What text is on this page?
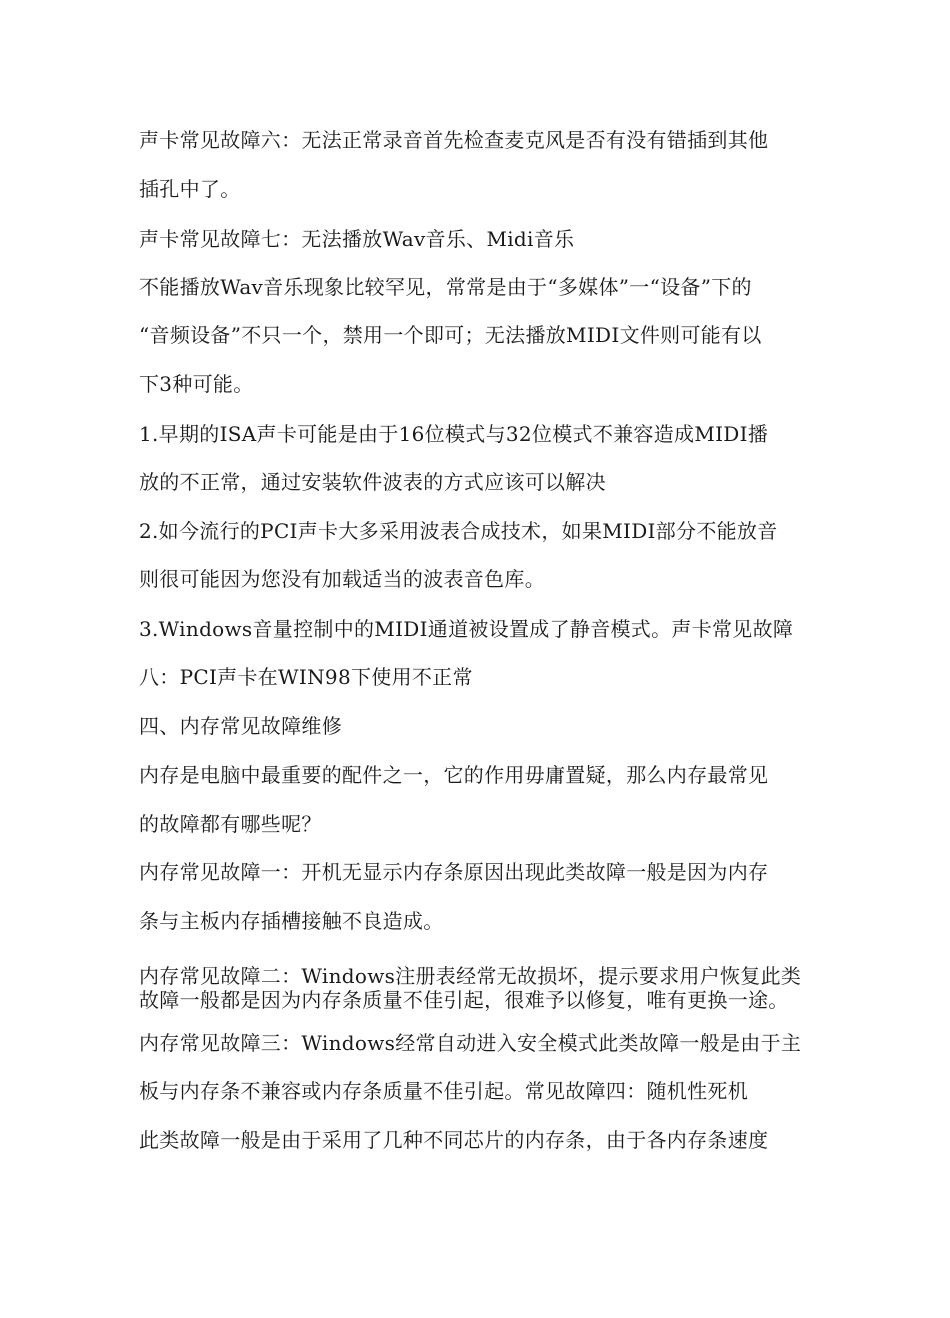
声卡常见故障六：无法正常录音首先检查麦克风是否有没有错插到其他
插孔中了。
声卡常见故障七：无法播放Wav音乐、Midi音乐
不能播放Wav音乐现象比较罕见，常常是由于“多媒体”一“设备”下的
“音频设备”不只一个，禁用一个即可；无法播放MIDI文件则可能有以
下3种可能。
1.早期的ISA声卡可能是由于16位模式与32位模式不兼容造成MIDI播
放的不正常，通过安装软件波表的方式应该可以解决
2.如今流行的PCI声卡大多采用波表合成技术，如果MIDI部分不能放音
则很可能因为您没有加载适当的波表音色库。
3.Windows音量控制中的MIDI通道被设置成了静音模式。声卡常见故障
八：PCI声卡在WIN98下使用不正常
四、内存常见故障维修
内存是电脑中最重要的配件之一，它的作用毋庸置疑，那么内存最常见
的故障都有哪些呢？
内存常见故障一：开机无显示内存条原因出现此类故障一般是因为内存
条与主板内存插槽接触不良造成。
内存常见故障二：Windows注册表经常无故损坏，提示要求用户恢复此类
故障一般都是因为内存条质量不佳引起，很难予以修复，唯有更换一途。
内存常见故障三：Windows经常自动进入安全模式此类故障一般是由于主
板与内存条不兼容或内存条质量不佳引起。常见故障四：随机性死机
此类故障一般是由于采用了几种不同芯片的内存条，由于各内存条速度
